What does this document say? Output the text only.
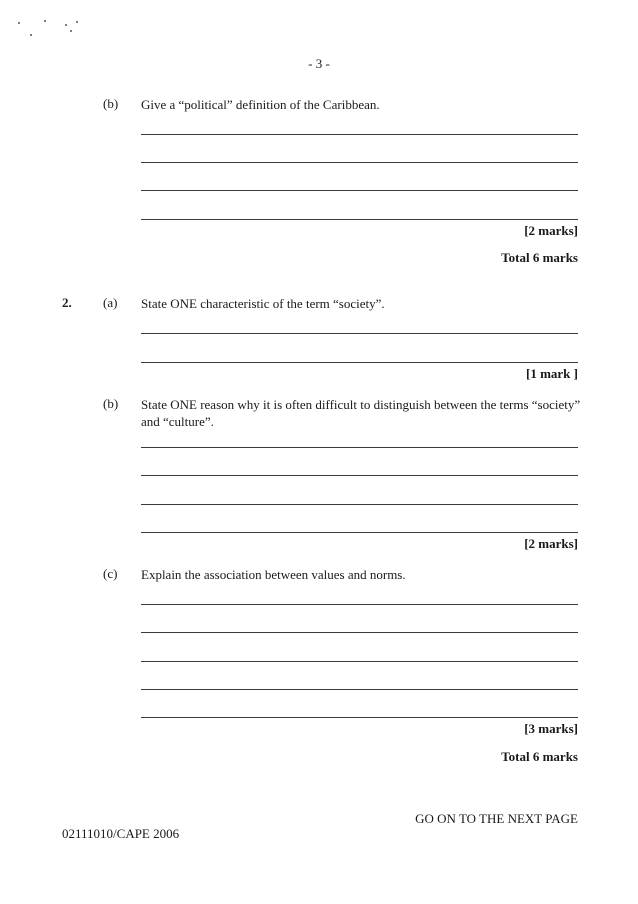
- 3 -
(b) Give a “political” definition of the Caribbean.
[2 marks]
Total 6 marks
2. (a) State ONE characteristic of the term “society”.
[1 mark ]
(b) State ONE reason why it is often difficult to distinguish between the terms “society” and “culture”.
[2 marks]
(c) Explain the association between values and norms.
[3 marks]
Total 6 marks
GO ON TO THE NEXT PAGE
02111010/CAPE 2006
